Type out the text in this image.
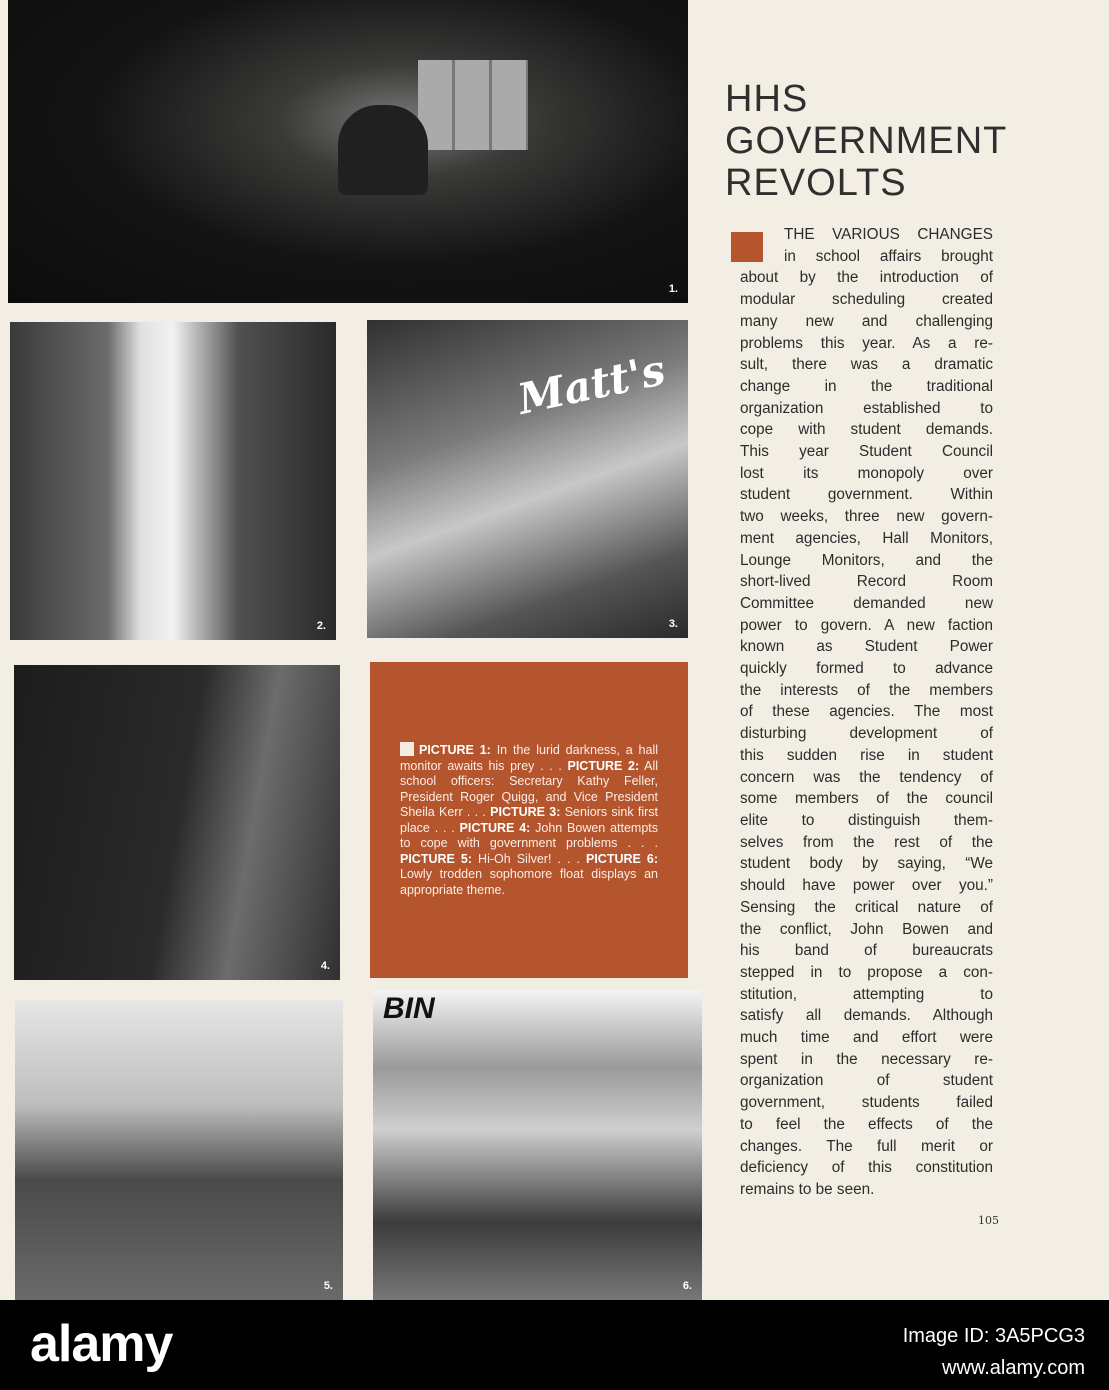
1.
2.
Matt's
3.
4.
PICTURE 1: In the lurid darkness, a hall monitor awaits his prey . . . PICTURE 2: All school officers: Secretary Kathy Feller, President Roger Quigg, and Vice President Sheila Kerr . . . PICTURE 3: Seniors sink first place . . . PICTURE 4: John Bowen attempts to cope with government problems . . . PICTURE 5: Hi-Oh Silver! . . . PICTURE 6: Lowly trodden sophomore float displays an appropriate theme.
5.
BIN
6.
HHS
GOVERNMENT
REVOLTS
THE VARIOUS CHANGES
in school affairs brought
about by the introduction of
modular scheduling created
many new and challenging
problems this year. As a re-
sult, there was a dramatic
change in the traditional
organization established to
cope with student demands.
This year Student Council
lost its monopoly over
student government. Within
two weeks, three new govern-
ment agencies, Hall Monitors,
Lounge Monitors, and the
short-lived Record Room
Committee demanded new
power to govern. A new faction
known as Student Power
quickly formed to advance
the interests of the members
of these agencies. The most
disturbing development of
this sudden rise in student
concern was the tendency of
some members of the council
elite to distinguish them-
selves from the rest of the
student body by saying, “We
should have power over you.”
Sensing the critical nature of
the conflict, John Bowen and
his band of bureaucrats
stepped in to propose a con-
stitution, attempting to
satisfy all demands. Although
much time and effort were
spent in the necessary re-
organization of student
government, students failed
to feel the effects of the
changes. The full merit or
deficiency of this constitution
remains to be seen.
105
alamy	Image ID: 3A5PCG3
www.alamy.com
